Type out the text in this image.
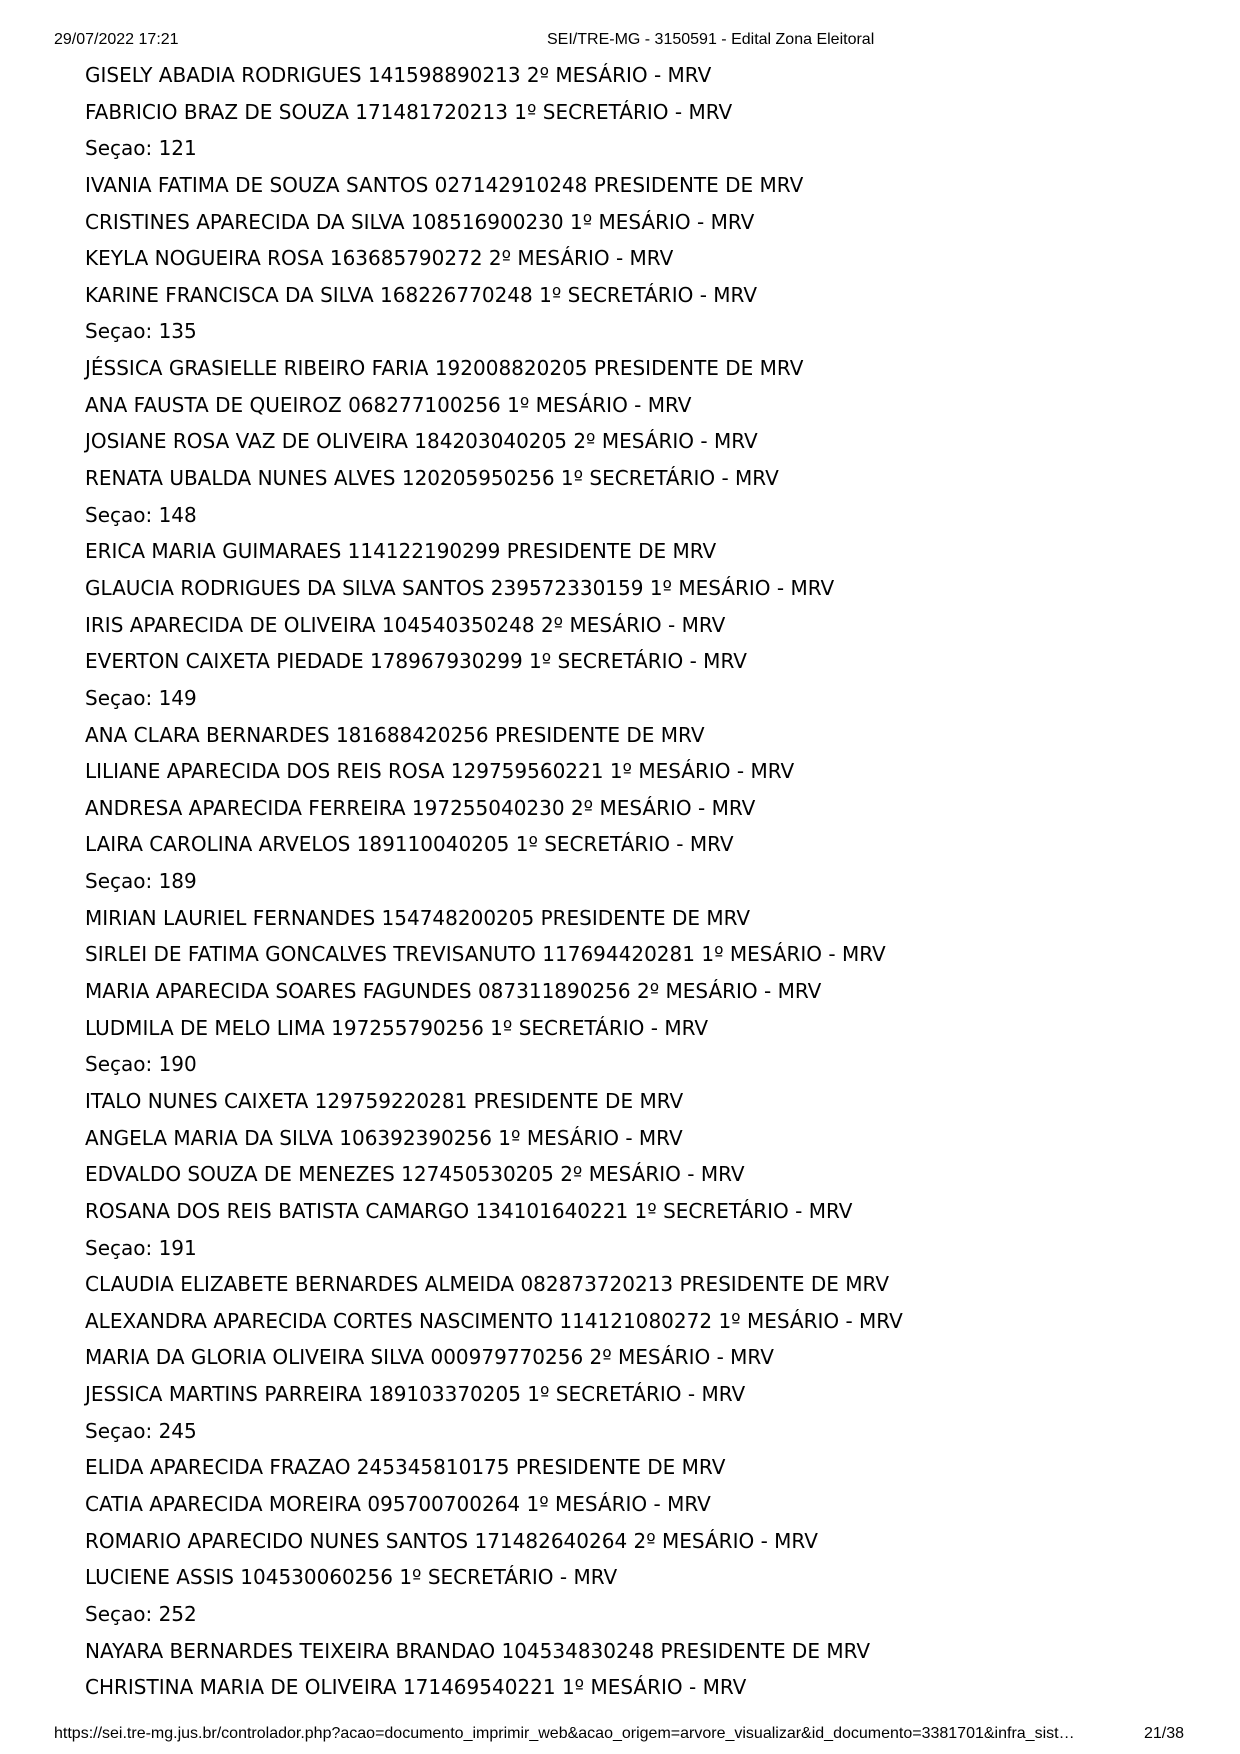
29/07/2022 17:21	SEI/TRE-MG - 3150591 - Edital Zona Eleitoral
GISELY ABADIA RODRIGUES 141598890213 2º MESÁRIO - MRV
FABRICIO BRAZ DE SOUZA 171481720213 1º SECRETÁRIO - MRV
Seçao: 121
IVANIA FATIMA DE SOUZA SANTOS 027142910248 PRESIDENTE DE MRV
CRISTINES APARECIDA DA SILVA 108516900230 1º MESÁRIO - MRV
KEYLA NOGUEIRA ROSA 163685790272 2º MESÁRIO - MRV
KARINE FRANCISCA DA SILVA 168226770248 1º SECRETÁRIO - MRV
Seçao: 135
JÉSSICA GRASIELLE RIBEIRO FARIA 192008820205 PRESIDENTE DE MRV
ANA FAUSTA DE QUEIROZ 068277100256 1º MESÁRIO - MRV
JOSIANE ROSA VAZ DE OLIVEIRA 184203040205 2º MESÁRIO - MRV
RENATA UBALDA NUNES ALVES 120205950256 1º SECRETÁRIO - MRV
Seçao: 148
ERICA MARIA GUIMARAES 114122190299 PRESIDENTE DE MRV
GLAUCIA RODRIGUES DA SILVA SANTOS 239572330159 1º MESÁRIO - MRV
IRIS APARECIDA DE OLIVEIRA 104540350248 2º MESÁRIO - MRV
EVERTON CAIXETA PIEDADE 178967930299 1º SECRETÁRIO - MRV
Seçao: 149
ANA CLARA BERNARDES 181688420256 PRESIDENTE DE MRV
LILIANE APARECIDA DOS REIS ROSA 129759560221 1º MESÁRIO - MRV
ANDRESA APARECIDA FERREIRA 197255040230 2º MESÁRIO - MRV
LAIRA CAROLINA ARVELOS 189110040205 1º SECRETÁRIO - MRV
Seçao: 189
MIRIAN LAURIEL FERNANDES 154748200205 PRESIDENTE DE MRV
SIRLEI DE FATIMA GONCALVES TREVISANUTO 117694420281 1º MESÁRIO - MRV
MARIA APARECIDA SOARES FAGUNDES 087311890256 2º MESÁRIO - MRV
LUDMILA DE MELO LIMA 197255790256 1º SECRETÁRIO - MRV
Seçao: 190
ITALO NUNES CAIXETA 129759220281 PRESIDENTE DE MRV
ANGELA MARIA DA SILVA 106392390256 1º MESÁRIO - MRV
EDVALDO SOUZA DE MENEZES 127450530205 2º MESÁRIO - MRV
ROSANA DOS REIS BATISTA CAMARGO 134101640221 1º SECRETÁRIO - MRV
Seçao: 191
CLAUDIA ELIZABETE BERNARDES ALMEIDA 082873720213 PRESIDENTE DE MRV
ALEXANDRA APARECIDA CORTES NASCIMENTO 114121080272 1º MESÁRIO - MRV
MARIA DA GLORIA OLIVEIRA SILVA 000979770256 2º MESÁRIO - MRV
JESSICA MARTINS PARREIRA 189103370205 1º SECRETÁRIO - MRV
Seçao: 245
ELIDA APARECIDA FRAZAO 245345810175 PRESIDENTE DE MRV
CATIA APARECIDA MOREIRA 095700700264 1º MESÁRIO - MRV
ROMARIO APARECIDO NUNES SANTOS 171482640264 2º MESÁRIO - MRV
LUCIENE ASSIS 104530060256 1º SECRETÁRIO - MRV
Seçao: 252
NAYARA BERNARDES TEIXEIRA BRANDAO 104534830248 PRESIDENTE DE MRV
CHRISTINA MARIA DE OLIVEIRA 171469540221 1º MESÁRIO - MRV
https://sei.tre-mg.jus.br/controlador.php?acao=documento_imprimir_web&acao_origem=arvore_visualizar&id_documento=3381701&infra_sist…	21/38
